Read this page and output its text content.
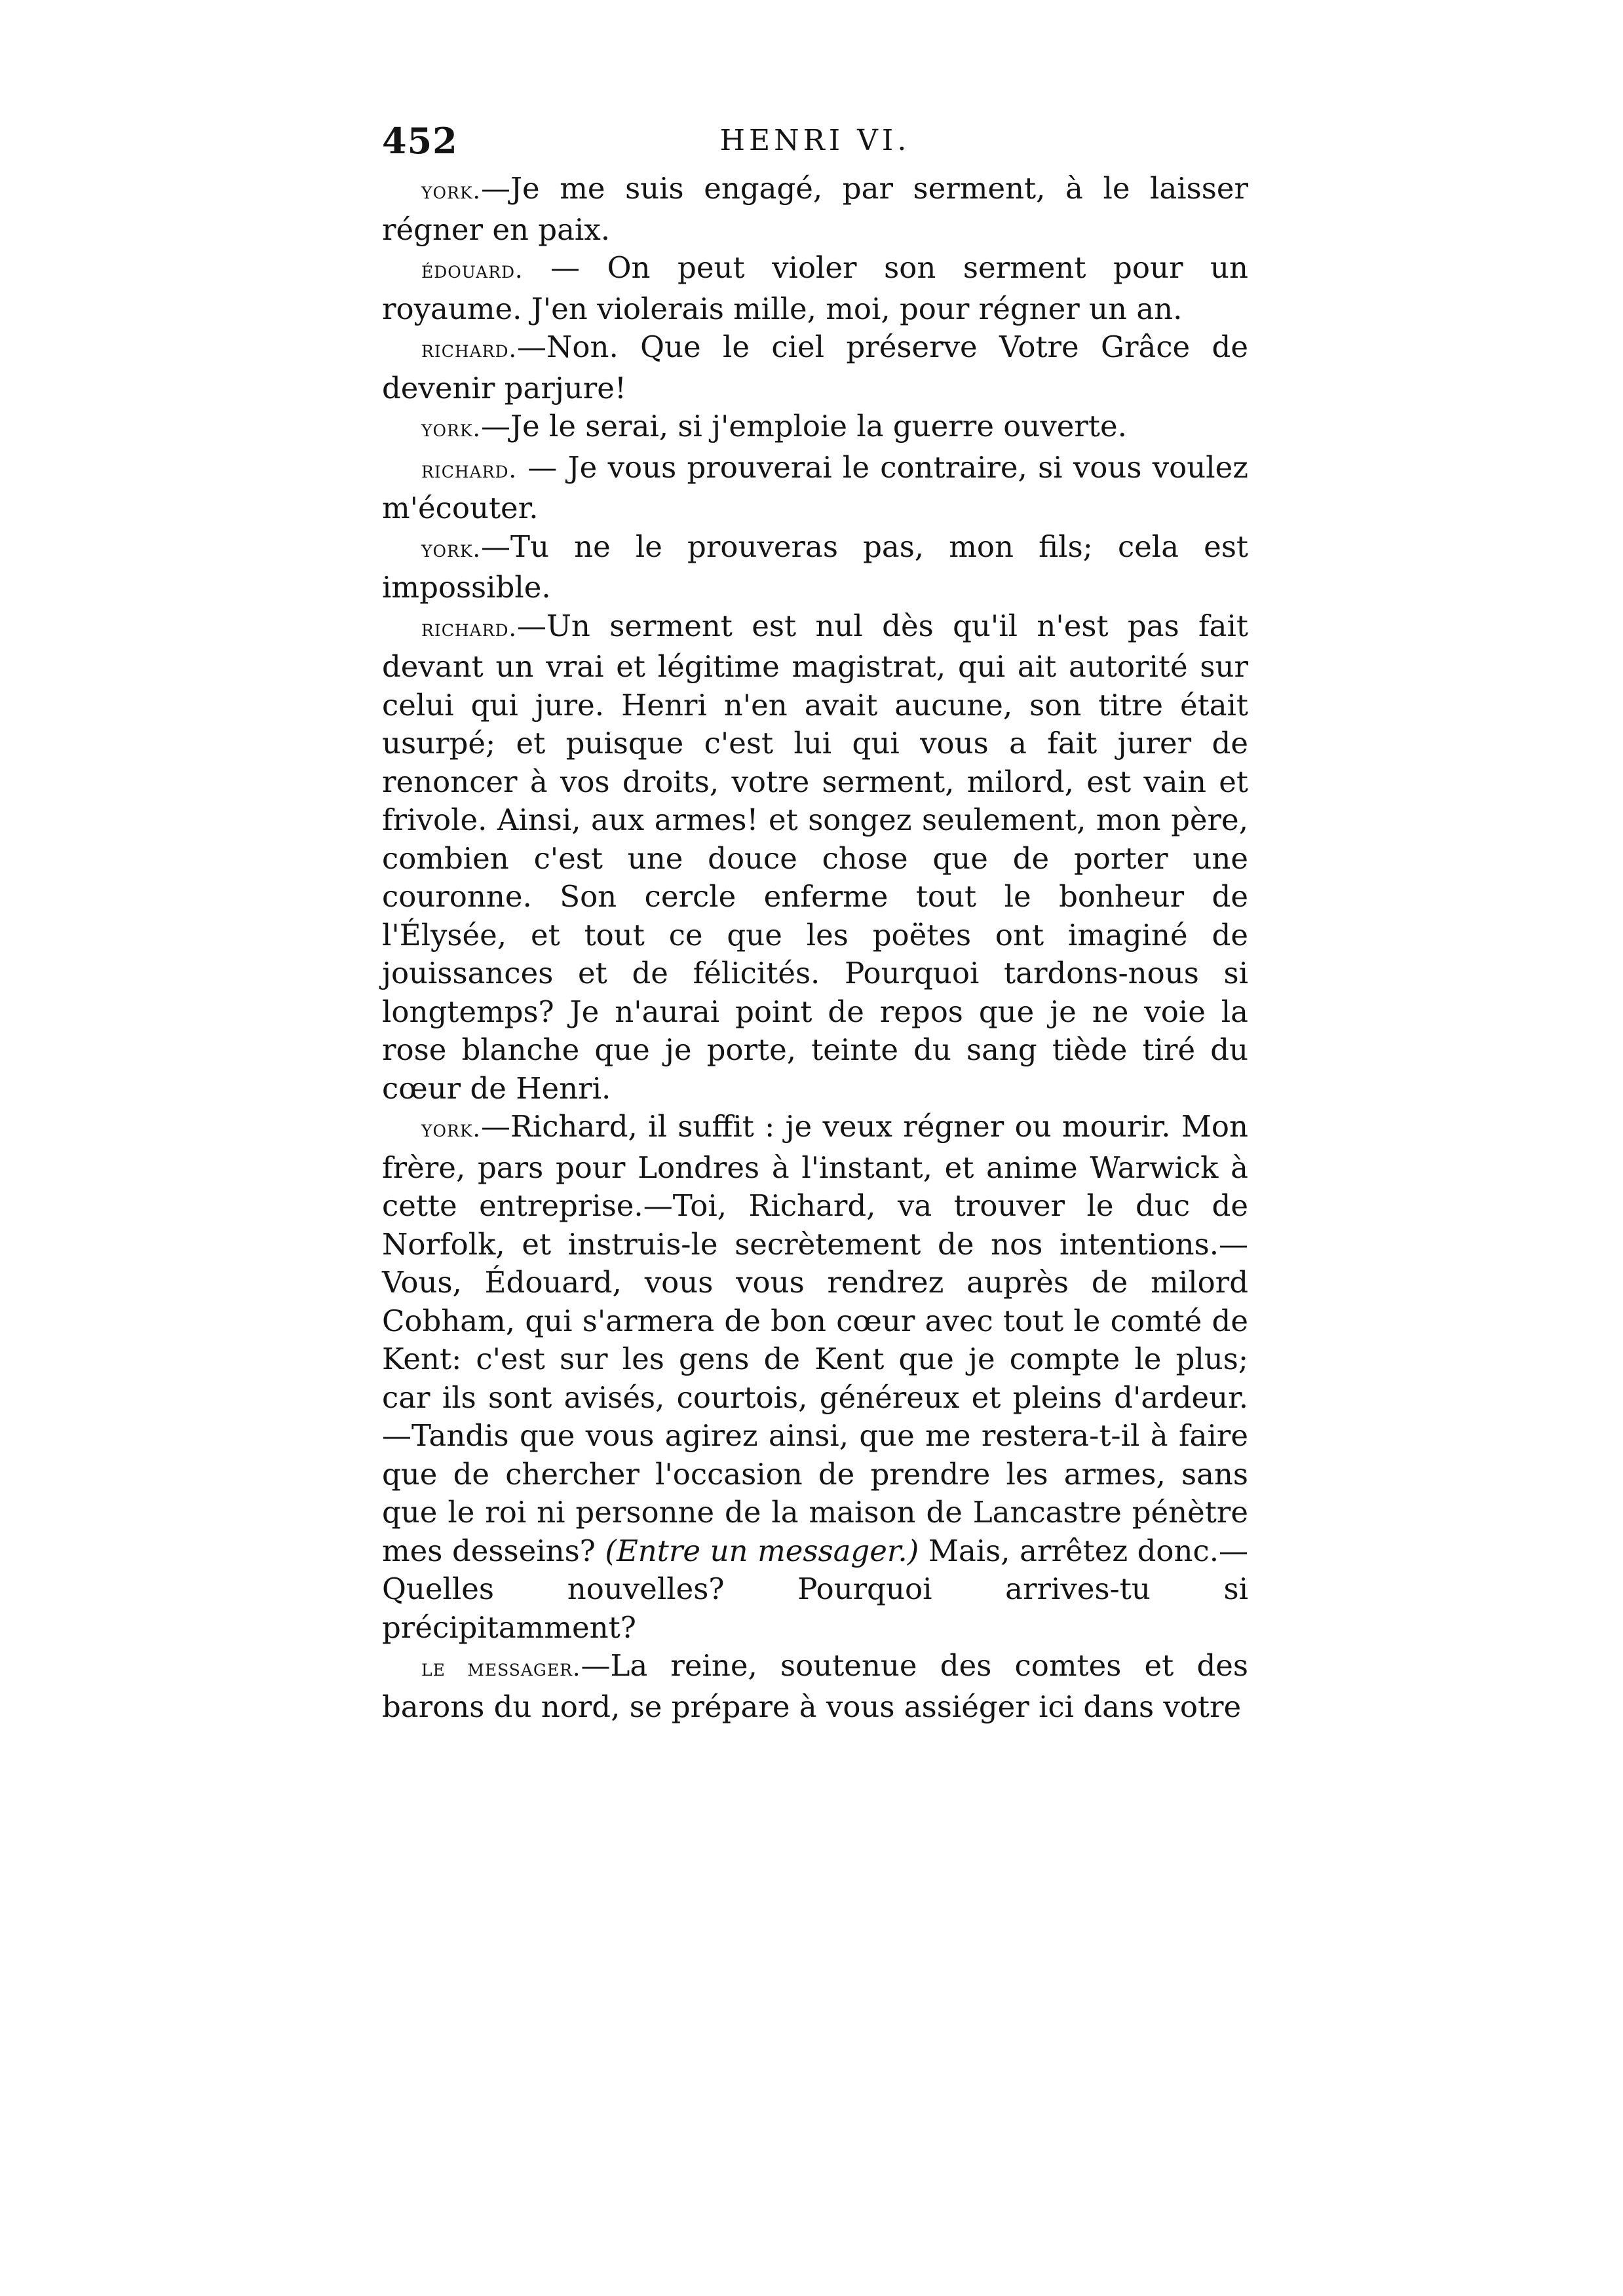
452	HENRI VI.

york.—Je me suis engagé, par serment, à le laisser régner en paix.

édouard. — On peut violer son serment pour un royaume. J'en violerais mille, moi, pour régner un an.

richard.—Non. Que le ciel préserve Votre Grâce de devenir parjure!

york.—Je le serai, si j'emploie la guerre ouverte.

richard. — Je vous prouverai le contraire, si vous voulez m'écouter.

york.—Tu ne le prouveras pas, mon fils; cela est impossible.

richard.—Un serment est nul dès qu'il n'est pas fait devant un vrai et légitime magistrat, qui ait autorité sur celui qui jure. Henri n'en avait aucune, son titre était usurpé; et puisque c'est lui qui vous a fait jurer de renoncer à vos droits, votre serment, milord, est vain et frivole. Ainsi, aux armes! et songez seulement, mon père, combien c'est une douce chose que de porter une couronne. Son cercle enferme tout le bonheur de l'Élysée, et tout ce que les poëtes ont imaginé de jouissances et de félicités. Pourquoi tardons-nous si longtemps? Je n'aurai point de repos que je ne voie la rose blanche que je porte, teinte du sang tiède tiré du cœur de Henri.

york.—Richard, il suffit : je veux régner ou mourir. Mon frère, pars pour Londres à l'instant, et anime Warwick à cette entreprise.—Toi, Richard, va trouver le duc de Norfolk, et instruis-le secrètement de nos intentions.—Vous, Édouard, vous vous rendrez auprès de milord Cobham, qui s'armera de bon cœur avec tout le comté de Kent: c'est sur les gens de Kent que je compte le plus; car ils sont avisés, courtois, généreux et pleins d'ardeur.—Tandis que vous agirez ainsi, que me restera-t-il à faire que de chercher l'occasion de prendre les armes, sans que le roi ni personne de la maison de Lancastre pénètre mes desseins? (Entre un messager.) Mais, arrêtez donc.—Quelles nouvelles? Pourquoi arrives-tu si précipitamment?

le messager.—La reine, soutenue des comtes et des barons du nord, se prépare à vous assiéger ici dans votre
